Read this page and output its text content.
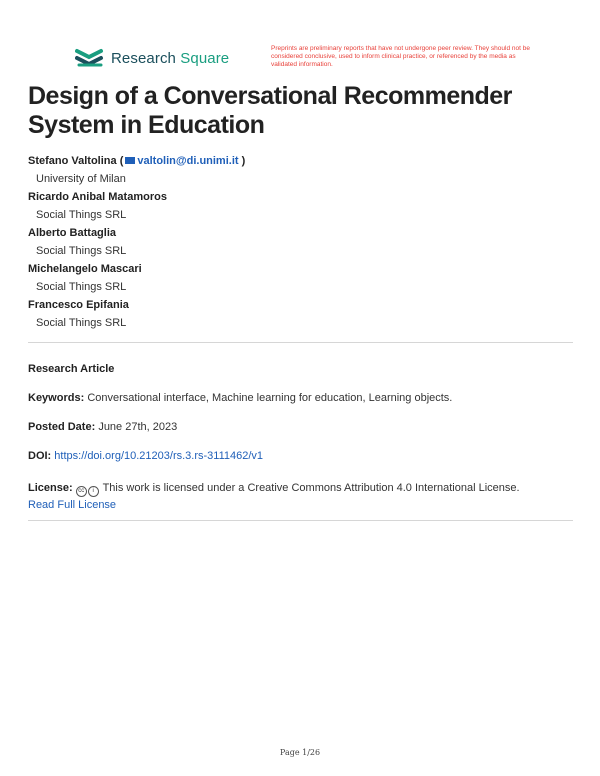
Research Square
Preprints are preliminary reports that have not undergone peer review. They should not be considered conclusive, used to inform clinical practice, or referenced by the media as validated information.
Design of a Conversational Recommender System in Education
Stefano Valtolina ( valtolin@di.unimi.it )
University of Milan
Ricardo Anibal Matamoros
Social Things SRL
Alberto Battaglia
Social Things SRL
Michelangelo Mascari
Social Things SRL
Francesco Epifania
Social Things SRL
Research Article
Keywords: Conversational interface, Machine learning for education, Learning objects.
Posted Date: June 27th, 2023
DOI: https://doi.org/10.21203/rs.3.rs-3111462/v1
License: cc i This work is licensed under a Creative Commons Attribution 4.0 International License.
Read Full License
Page 1/26
